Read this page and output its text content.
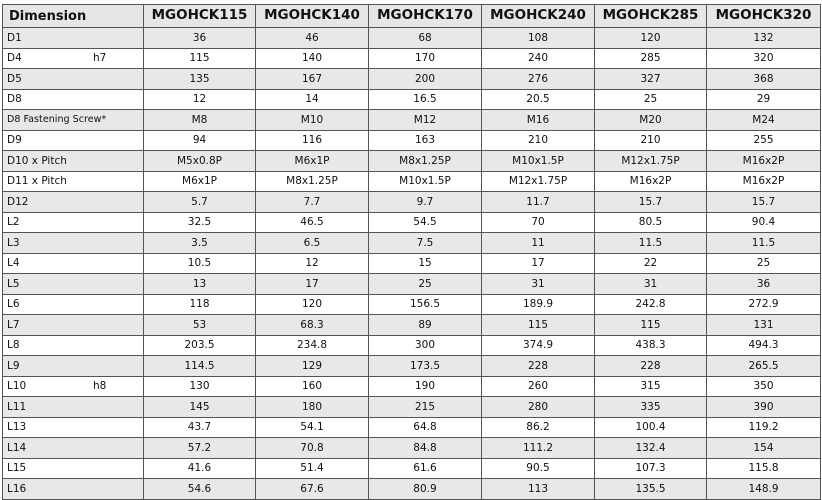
Dimension	MGOHCK115	MGOHCK140	MGOHCK170	MGOHCK240	MGOHCK285	MGOHCK320
D1	36	46	68	108	120	132
D4 h7	115	140	170	240	285	320
D5	135	167	200	276	327	368
D8	12	14	16.5	20.5	25	29
D8 Fastening Screw*	M8	M10	M12	M16	M20	M24
D9	94	116	163	210	210	255
D10 x Pitch	M5x0.8P	M6x1P	M8x1.25P	M10x1.5P	M12x1.75P	M16x2P
D11 x Pitch	M6x1P	M8x1.25P	M10x1.5P	M12x1.75P	M16x2P	M16x2P
D12	5.7	7.7	9.7	11.7	15.7	15.7
L2	32.5	46.5	54.5	70	80.5	90.4
L3	3.5	6.5	7.5	11	11.5	11.5
L4	10.5	12	15	17	22	25
L5	13	17	25	31	31	36
L6	118	120	156.5	189.9	242.8	272.9
L7	53	68.3	89	115	115	131
L8	203.5	234.8	300	374.9	438.3	494.3
L9	114.5	129	173.5	228	228	265.5
L10 h8	130	160	190	260	315	350
L11	145	180	215	280	335	390
L13	43.7	54.1	64.8	86.2	100.4	119.2
L14	57.2	70.8	84.8	111.2	132.4	154
L15	41.6	51.4	61.6	90.5	107.3	115.8
L16	54.6	67.6	80.9	113	135.5	148.9
